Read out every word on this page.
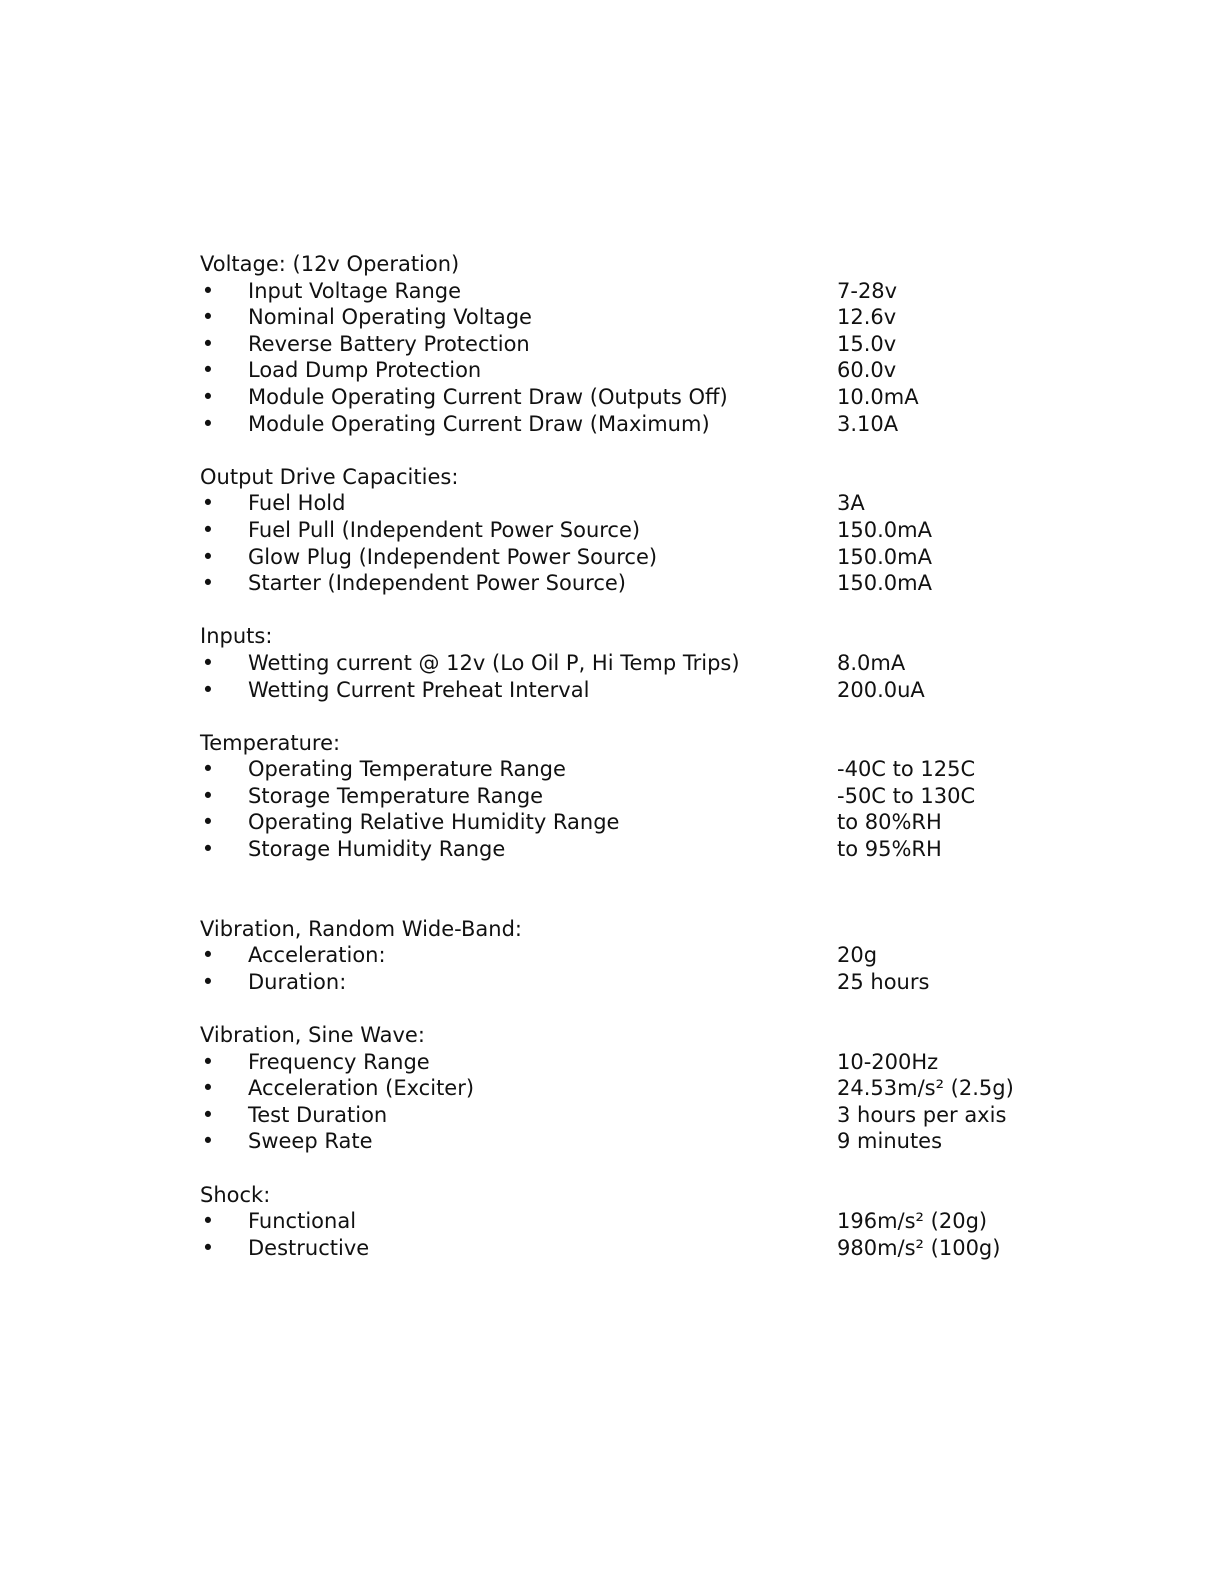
Voltage: (12v Operation)
• Input Voltage Range	7-28v
• Nominal Operating Voltage	12.6v
• Reverse Battery Protection	15.0v
• Load Dump Protection	60.0v
• Module Operating Current Draw (Outputs Off)	10.0mA
• Module Operating Current Draw (Maximum)	3.10A
Output Drive Capacities:
• Fuel Hold	3A
• Fuel Pull (Independent Power Source)	150.0mA
• Glow Plug (Independent Power Source)	150.0mA
• Starter (Independent Power Source)	150.0mA
Inputs:
• Wetting current @ 12v (Lo Oil P, Hi Temp Trips)	8.0mA
• Wetting Current Preheat Interval	200.0uA
Temperature:
• Operating Temperature Range	-40C to 125C
• Storage Temperature Range	-50C to 130C
• Operating Relative Humidity Range	to 80%RH
• Storage Humidity Range	to 95%RH
Vibration, Random Wide-Band:
• Acceleration:	20g
• Duration:	25 hours
Vibration, Sine Wave:
• Frequency Range	10-200Hz
• Acceleration (Exciter)	24.53m/s² (2.5g)
• Test Duration	3 hours per axis
• Sweep Rate	9 minutes
Shock:
• Functional	196m/s² (20g)
• Destructive	980m/s² (100g)
